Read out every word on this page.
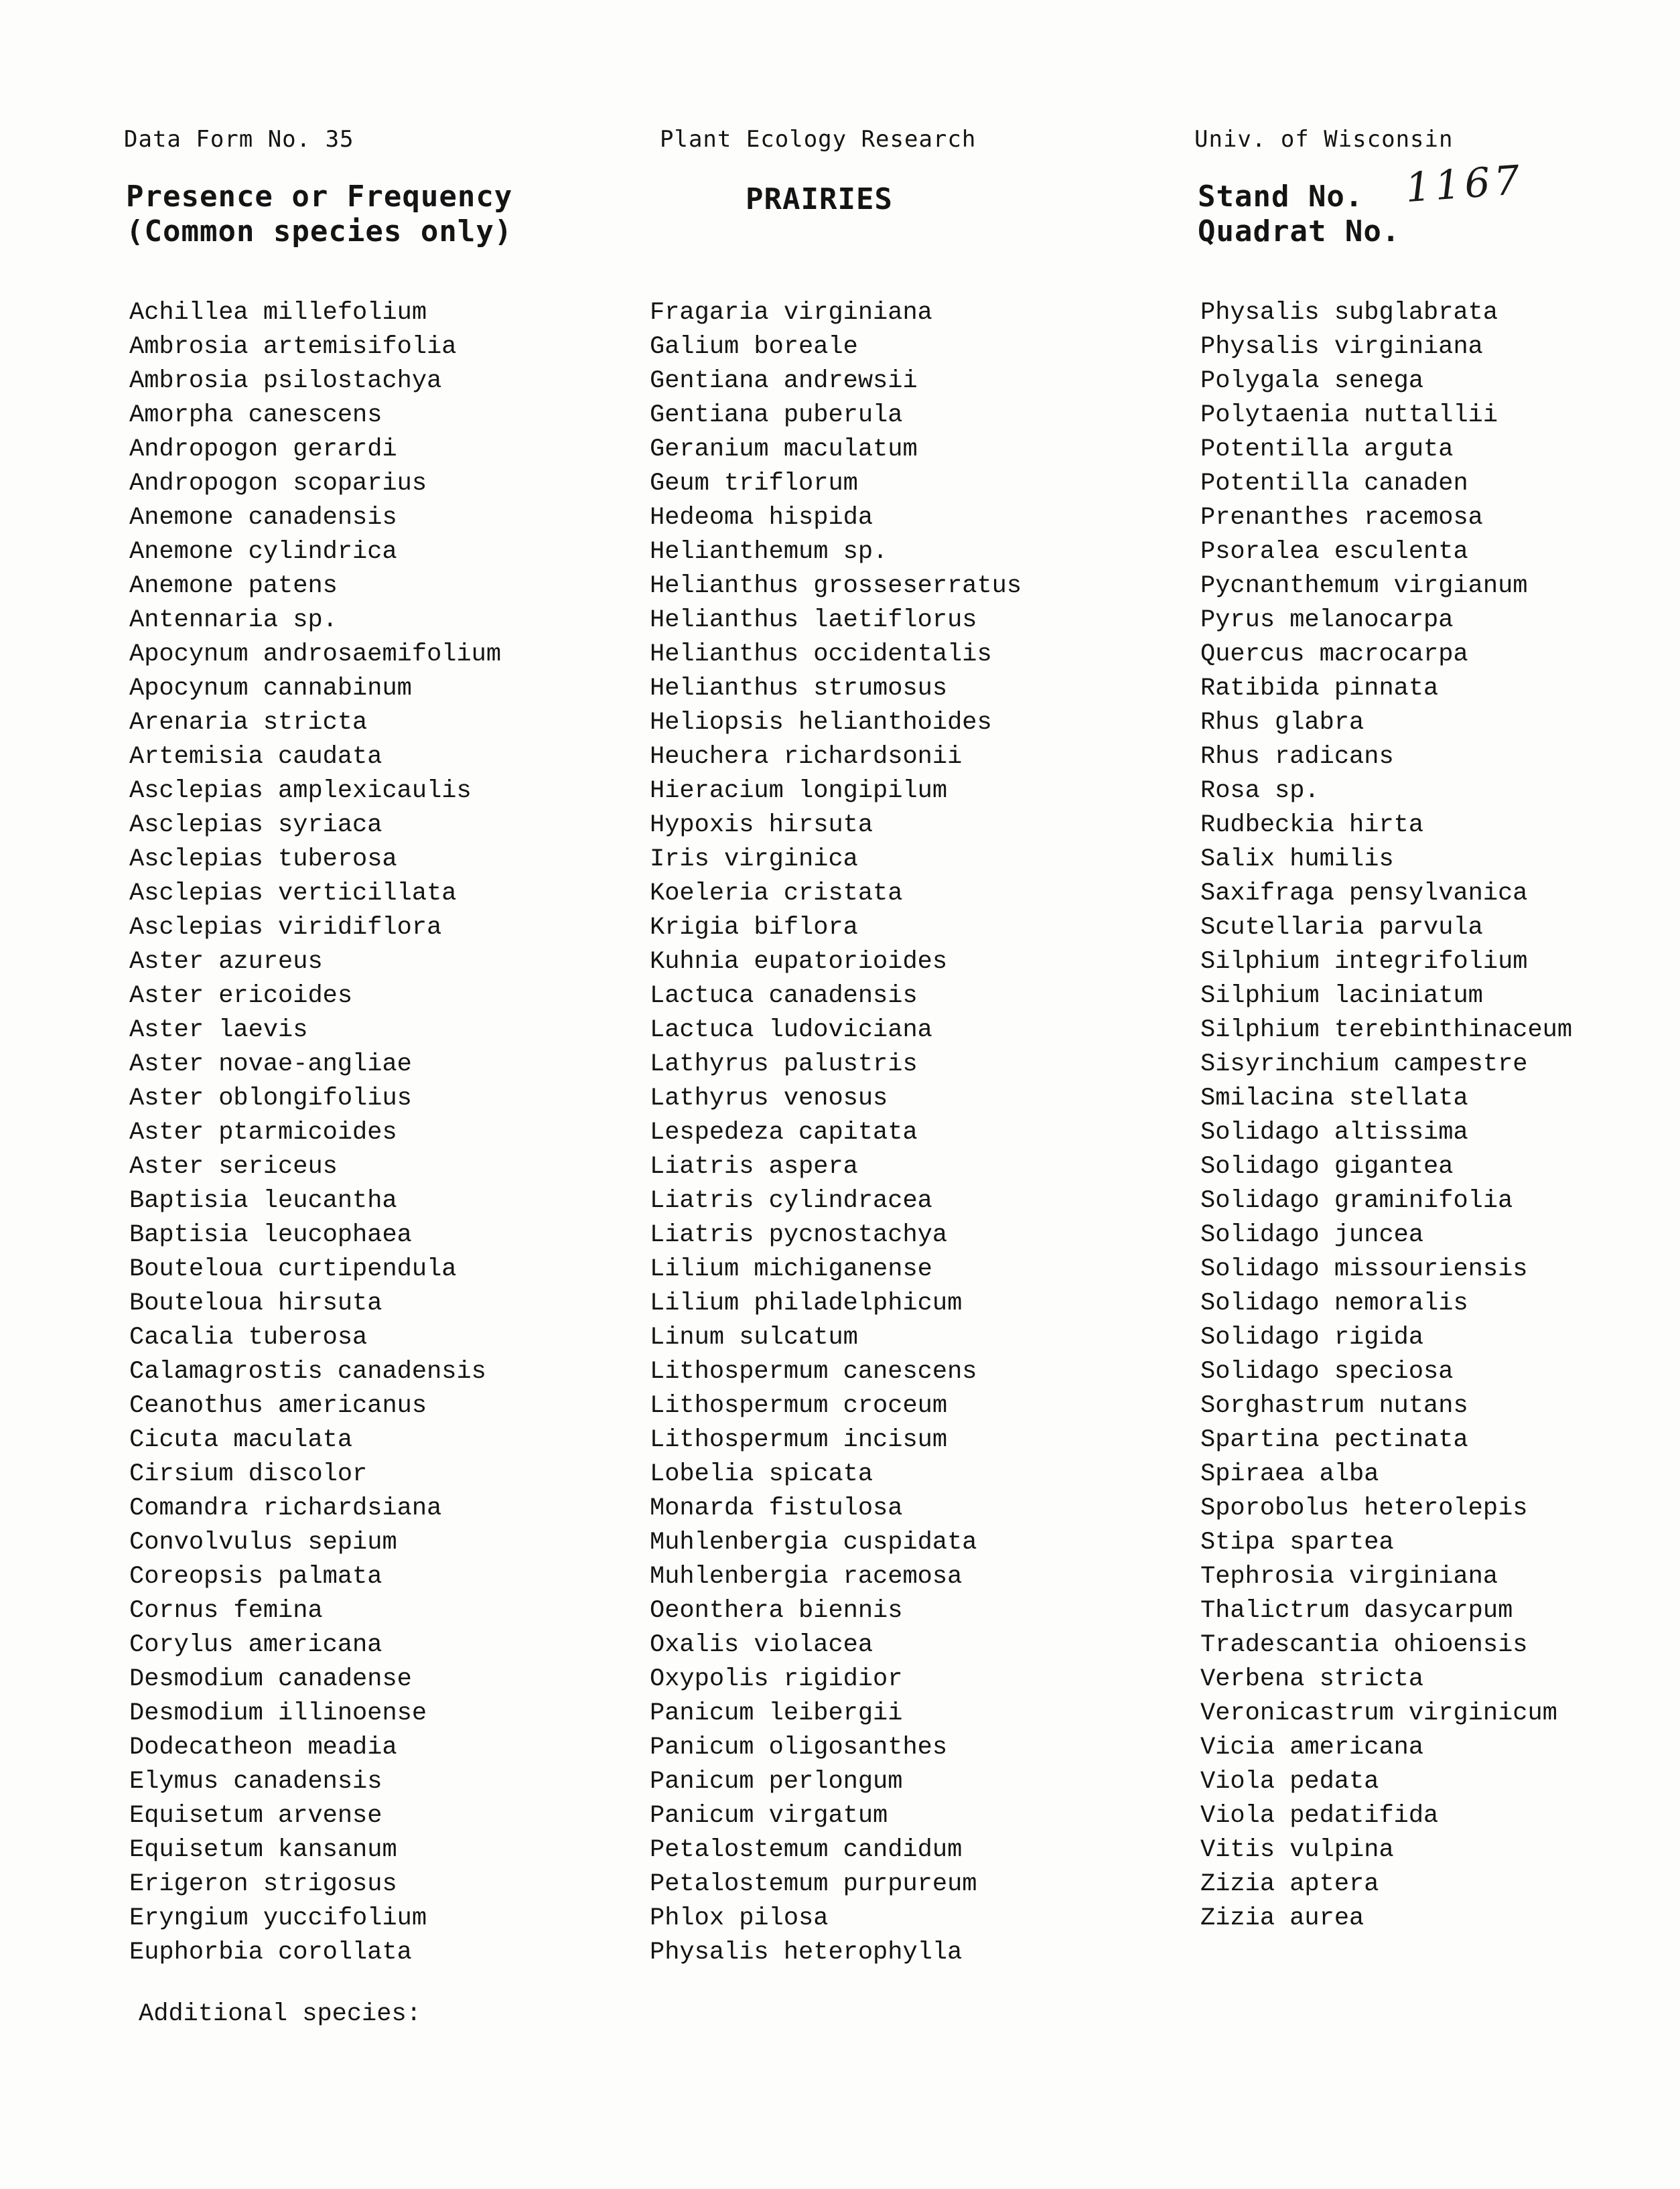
Data Form No. 35	Plant Ecology Research	Univ. of Wisconsin
Presence or Frequency
(Common species only)
PRAIRIES	Stand No.
Quadrat No.
1167
Achillea millefolium
Ambrosia artemisifolia
Ambrosia psilostachya
Amorpha canescens
Andropogon gerardi
Andropogon scoparius
Anemone canadensis
Anemone cylindrica
Anemone patens
Antennaria sp.
Apocynum androsaemifolium
Apocynum cannabinum
Arenaria stricta
Artemisia caudata
Asclepias amplexicaulis
Asclepias syriaca
Asclepias tuberosa
Asclepias verticillata
Asclepias viridiflora
Aster azureus
Aster ericoides
Aster laevis
Aster novae-angliae
Aster oblongifolius
Aster ptarmicoides
Aster sericeus
Baptisia leucantha
Baptisia leucophaea
Bouteloua curtipendula
Bouteloua hirsuta
Cacalia tuberosa
Calamagrostis canadensis
Ceanothus americanus
Cicuta maculata
Cirsium discolor
Comandra richardsiana
Convolvulus sepium
Coreopsis palmata
Cornus femina
Corylus americana
Desmodium canadense
Desmodium illinoense
Dodecatheon meadia
Elymus canadensis
Equisetum arvense
Equisetum kansanum
Erigeron strigosus
Eryngium yuccifolium
Euphorbia corollata
Fragaria virginiana
Galium boreale
Gentiana andrewsii
Gentiana puberula
Geranium maculatum
Geum triflorum
Hedeoma hispida
Helianthemum sp.
Helianthus grosseserratus
Helianthus laetiflorus
Helianthus occidentalis
Helianthus strumosus
Heliopsis helianthoides
Heuchera richardsonii
Hieracium longipilum
Hypoxis hirsuta
Iris virginica
Koeleria cristata
Krigia biflora
Kuhnia eupatorioides
Lactuca canadensis
Lactuca ludoviciana
Lathyrus palustris
Lathyrus venosus
Lespedeza capitata
Liatris aspera
Liatris cylindracea
Liatris pycnostachya
Lilium michiganense
Lilium philadelphicum
Linum sulcatum
Lithospermum canescens
Lithospermum croceum
Lithospermum incisum
Lobelia spicata
Monarda fistulosa
Muhlenbergia cuspidata
Muhlenbergia racemosa
Oeonthera biennis
Oxalis violacea
Oxypolis rigidior
Panicum leibergii
Panicum oligosanthes
Panicum perlongum
Panicum virgatum
Petalostemum candidum
Petalostemum purpureum
Phlox pilosa
Physalis heterophylla
Physalis subglabrata
Physalis virginiana
Polygala senega
Polytaenia nuttallii
Potentilla arguta
Potentilla canaden
Prenanthes racemosa
Psoralea esculenta
Pycnanthemum virgianum
Pyrus melanocarpa
Quercus macrocarpa
Ratibida pinnata
Rhus glabra
Rhus radicans
Rosa sp.
Rudbeckia hirta
Salix humilis
Saxifraga pensylvanica
Scutellaria parvula
Silphium integrifolium
Silphium laciniatum
Silphium terebinthinaceum
Sisyrinchium campestre
Smilacina stellata
Solidago altissima
Solidago gigantea
Solidago graminifolia
Solidago juncea
Solidago missouriensis
Solidago nemoralis
Solidago rigida
Solidago speciosa
Sorghastrum nutans
Spartina pectinata
Spiraea alba
Sporobolus heterolepis
Stipa spartea
Tephrosia virginiana
Thalictrum dasycarpum
Tradescantia ohioensis
Verbena stricta
Veronicastrum virginicum
Vicia americana
Viola pedata
Viola pedatifida
Vitis vulpina
Zizia aptera
Zizia aurea
Additional species:
